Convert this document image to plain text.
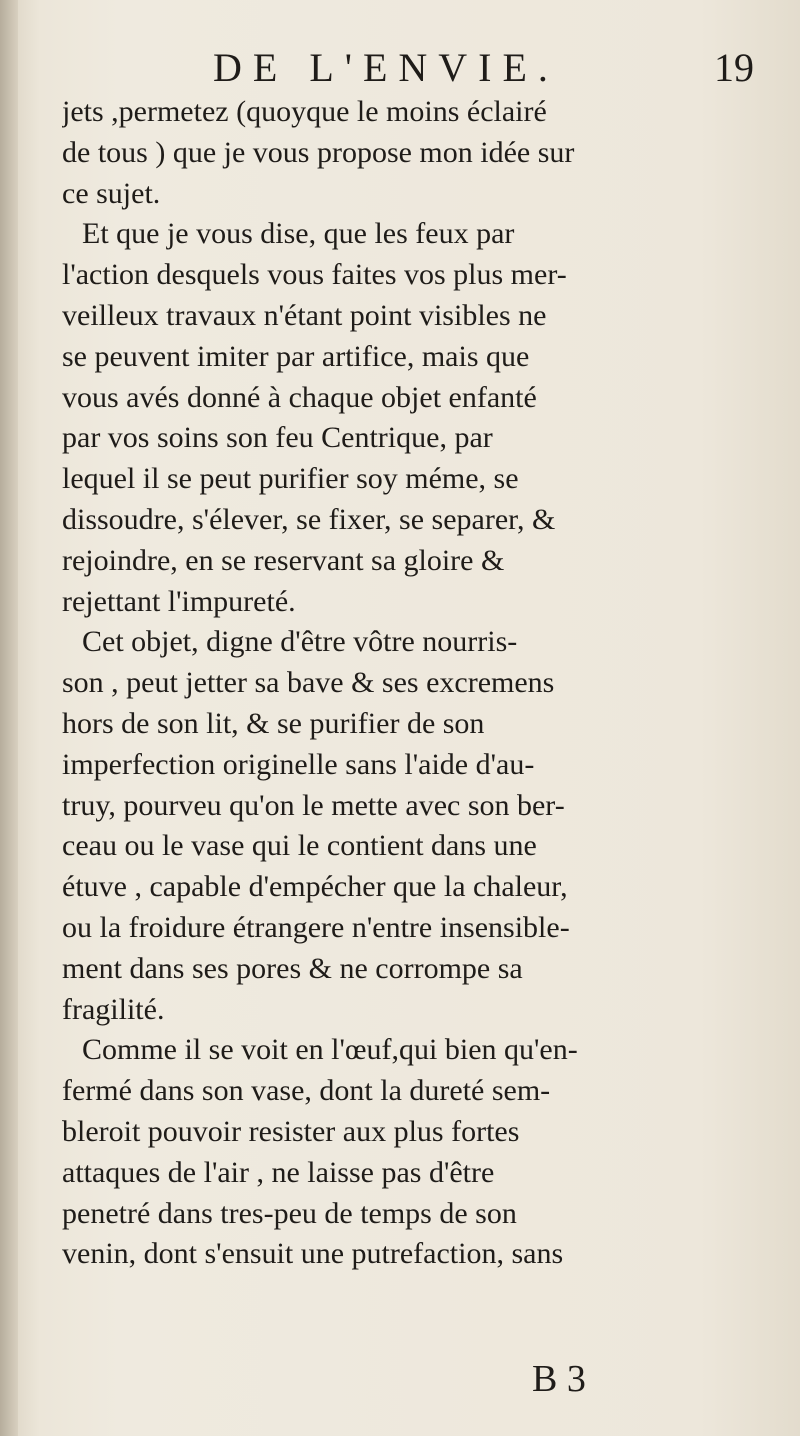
DE L'ENVIE.	19
jets ,permetez (quoyque le moins éclairé
de tous ) que je vous propose mon idée sur
ce sujet.
Et que je vous dise, que les feux par
l'action desquels vous faites vos plus mer-
veilleux travaux n'étant point visibles ne
se peuvent imiter par artifice, mais que
vous avés donné à chaque objet enfanté
par vos soins son feu Centrique, par
lequel il se peut purifier soy méme, se
dissoudre, s'élever, se fixer, se separer, &
rejoindre, en se reservant sa gloire &
rejettant l'impureté.
Cet objet, digne d'être vôtre nourris-
son , peut jetter sa bave & ses excremens
hors de son lit, & se purifier de son
imperfection originelle sans l'aide d'au-
truy, pourveu qu'on le mette avec son ber-
ceau ou le vase qui le contient dans une
étuve , capable d'empécher que la chaleur,
ou la froidure étrangere n'entre insensible-
ment dans ses pores & ne corrompe sa
fragilité.
Comme il se voit en l'œuf,qui bien qu'en-
fermé dans son vase, dont la dureté sem-
bleroit pouvoir resister aux plus fortes
attaques de l'air , ne laisse pas d'être
penetré dans tres-peu de temps de son
venin, dont s'ensuit une putrefaction, sans
B 3
